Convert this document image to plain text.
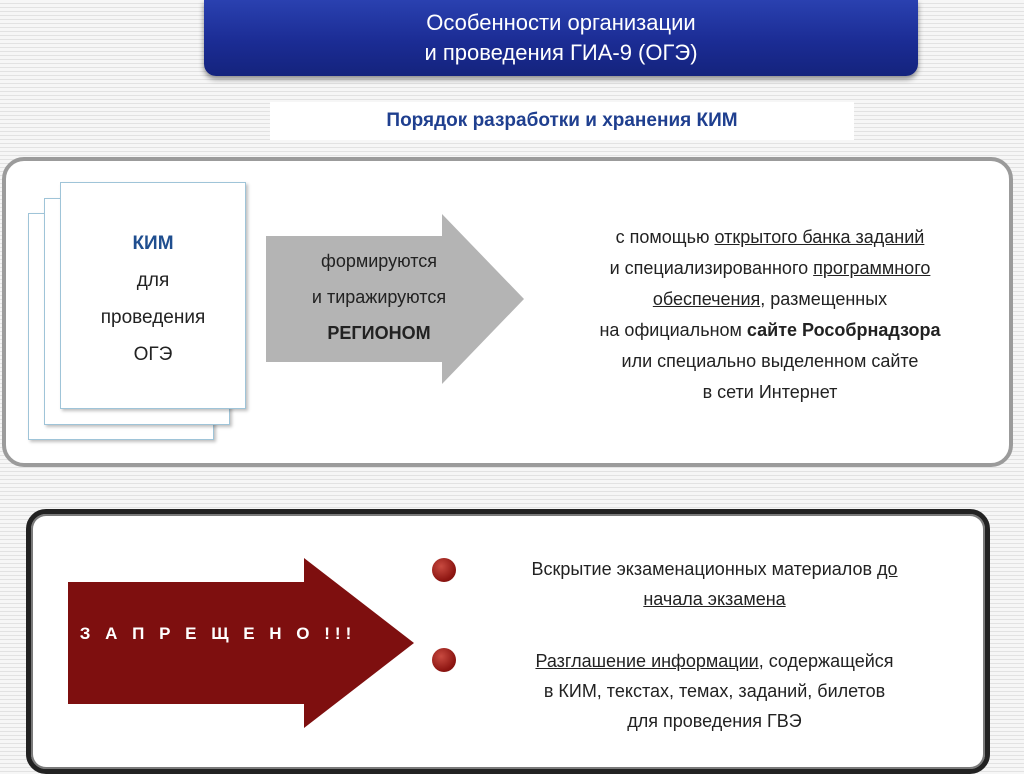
Особенности организации
и проведения ГИА-9 (ОГЭ)
Порядок разработки и хранения КИМ
КИМ
для
проведения
ОГЭ
формируются
и тиражируются
РЕГИОНОМ
с помощью открытого банка заданий
и специализированного программного
обеспечения, размещенных
на официальном сайте Рособрнадзора
или специально выделенном сайте
в сети Интернет
З А П Р Е Щ Е Н О !!!
Вскрытие экзаменационных материалов до
начала экзамена
Разглашение информации, содержащейся
в КИМ, текстах, темах, заданий, билетов
для проведения ГВЭ
